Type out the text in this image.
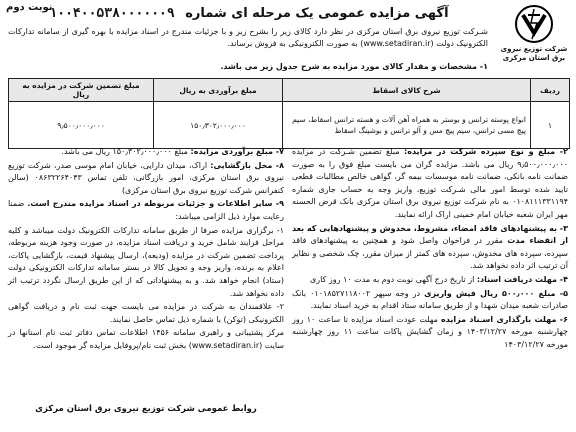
شرکت توزیع نیروی برق استان مرکزی
نوبت دوم	آگهی مزایده عمومی یک مرحله ای شماره ۱۰۰۴۰۰۵۳۸۰۰۰۰۰۰۹
شـرکت توزیع نیروی برق استان مرکزی در نظر دارد کالای زیر را بشرح زیر و با جزئیات مندرج در اسناد مزایده با بهره گیری از سامانه تدارکات الکترونیک دولت (www.setadiran.ir) به صورت الکترونیکی به فروش برساند.
۱- مشخصات و مقدار کالای مورد مزایده به شرح جدول زیر می باشد.
ردیف	شرح کالای اسقاط	مبلغ برآوردی به ریال	مبلغ تضمین شرکت در مزایده به ریال
۱	انواع پوسته ترانس و بوستر به همراه آهن آلات و هسته ترانس اسقاط، سیم پیچ مسی ترانس، سیم پیچ مس و آلو ترانس و بوشینگ اسقاط	۱۵۰٫۳۰۲٫۰۰۰٫۰۰۰	۹٫۵۰۰٫۰۰۰٫۰۰۰

۲- مبلغ و نوع سپرده شرکت در مزایده: مبلغ تضمین شـرکت در مزایده ۹٫۵۰۰٫۰۰۰٫۰۰۰ ریال می باشد. مزایده گران می بایست مبلغ فوق را به صورت ضمانت نامه بانکی، ضمانت نامه موسسات بیمه گر، گواهی خالص مطالبات قطعی تایید شده توسط امور مالی شـرکت توزیع، واریز وجه به حساب جاری شماره ۰۱۰۸۱۱۱۳۳۱۱۹۴ به نام شرکت توزیع نیروی برق استان مرکزی بانک قرض الحسنه مهر ایران شعبه خیابان امام خمینی اراک ارائه نمایند.

۳- به پیشنهادهای فاقد امضاء، مشروط، مخدوش و پیشنهادهایی که بعد از انقضاء مدت مقرر در فراخوان واصل شود و همچنین به پیشنهادهای فاقد سپرده، سپرده های مخدوش، سپرده های کمتر از میزان مقرر، چک شخصی و نظایر آن ترتیب اثر داده نخواهد شد.

۴- مهلت دریافت اسناد: از تاریخ درج آگهی نوبت دوم به مدت ۱۰ روز کاری

۵- مبلغ ۵۰۰٫۰۰۰ ریال فیش واریزی در وجه سپهر ۰۱۰۱۸۵۲۷۱۱۸۰۰۲ بانک صادرات شعبه میدان شهدا و از طریق سامانه ستاد اقدام به خرید اسناد نمایند.

۶- مهلت بارگذاری اسـناد مزایده مهلت عودت اسناد مزایده تا ساعت ۱۰ روز چهارشنبه مورخه ۱۴۰۳/۱۲/۲۷ و زمان گشایش پاکات ساعت ۱۱ روز چهارشنبه مورخه ۱۴۰۳/۱۲/۲۷

۷- مبلغ برآوردی مزایده: مبلغ ۱۵۰٫۳۰۲٫۰۰۰٫۰۰۰ ریال می باشد.

۸- محل بازگشایی: اراک، میدان دارایی، خیابان امام موسی صدر، شرکت توزیع نیروی برق استان مرکزی، امور بازرگانی، تلفن تماس ۰۸۶۳۲۲۶۴۰۴۳ (سالن کنفرانس شرکت توزیع نیروی برق استان مرکزی)

۹- سایر اطلاعات و جزئیات مربوطه در اسناد مزایده مندرج است. ضمنا رعایت موارد ذیل الزامی میباشد:

۱- برگزاری مزایده صرفا از طریق سامانه تدارکات الکترونیک دولت میباشد و کلیه مراحل فرایند شامل خرید و دریافت اسناد مزایده، در صورت وجود هزینه مربوطه، پرداخت تضمین شرکت در مزایده (ودیعه)، ارسال پیشنهاد قیمت، بازگشایی پاکات، اعلام به برنده، واریز وجه و تحویل کالا در بستر سامانه تدارکات الکترونیکی دولت (ستاد) انجام خواهد شد. و به پیشنهاداتی که از این طریق ارسال نگردد ترتیب اثر داده نخواهد شد.

۲- علاقمندان به شرکت در مزایده می بایست جهت ثبت نام و دریافت گواهی الکترونیکی (توکن) با شماره ذیل تماس حاصل نمایند.

مرکز پشتیبانی و راهبری سامانه ۱۴۵۶ اطلاعات تماس دفاتر ثبت نام استانها در سایت (www.setadiran.ir) بخش ثبت نام/پروفایل مزایده گر موجود است.

روابط عمومی شرکت توزیع نیروی برق استان مرکزی
